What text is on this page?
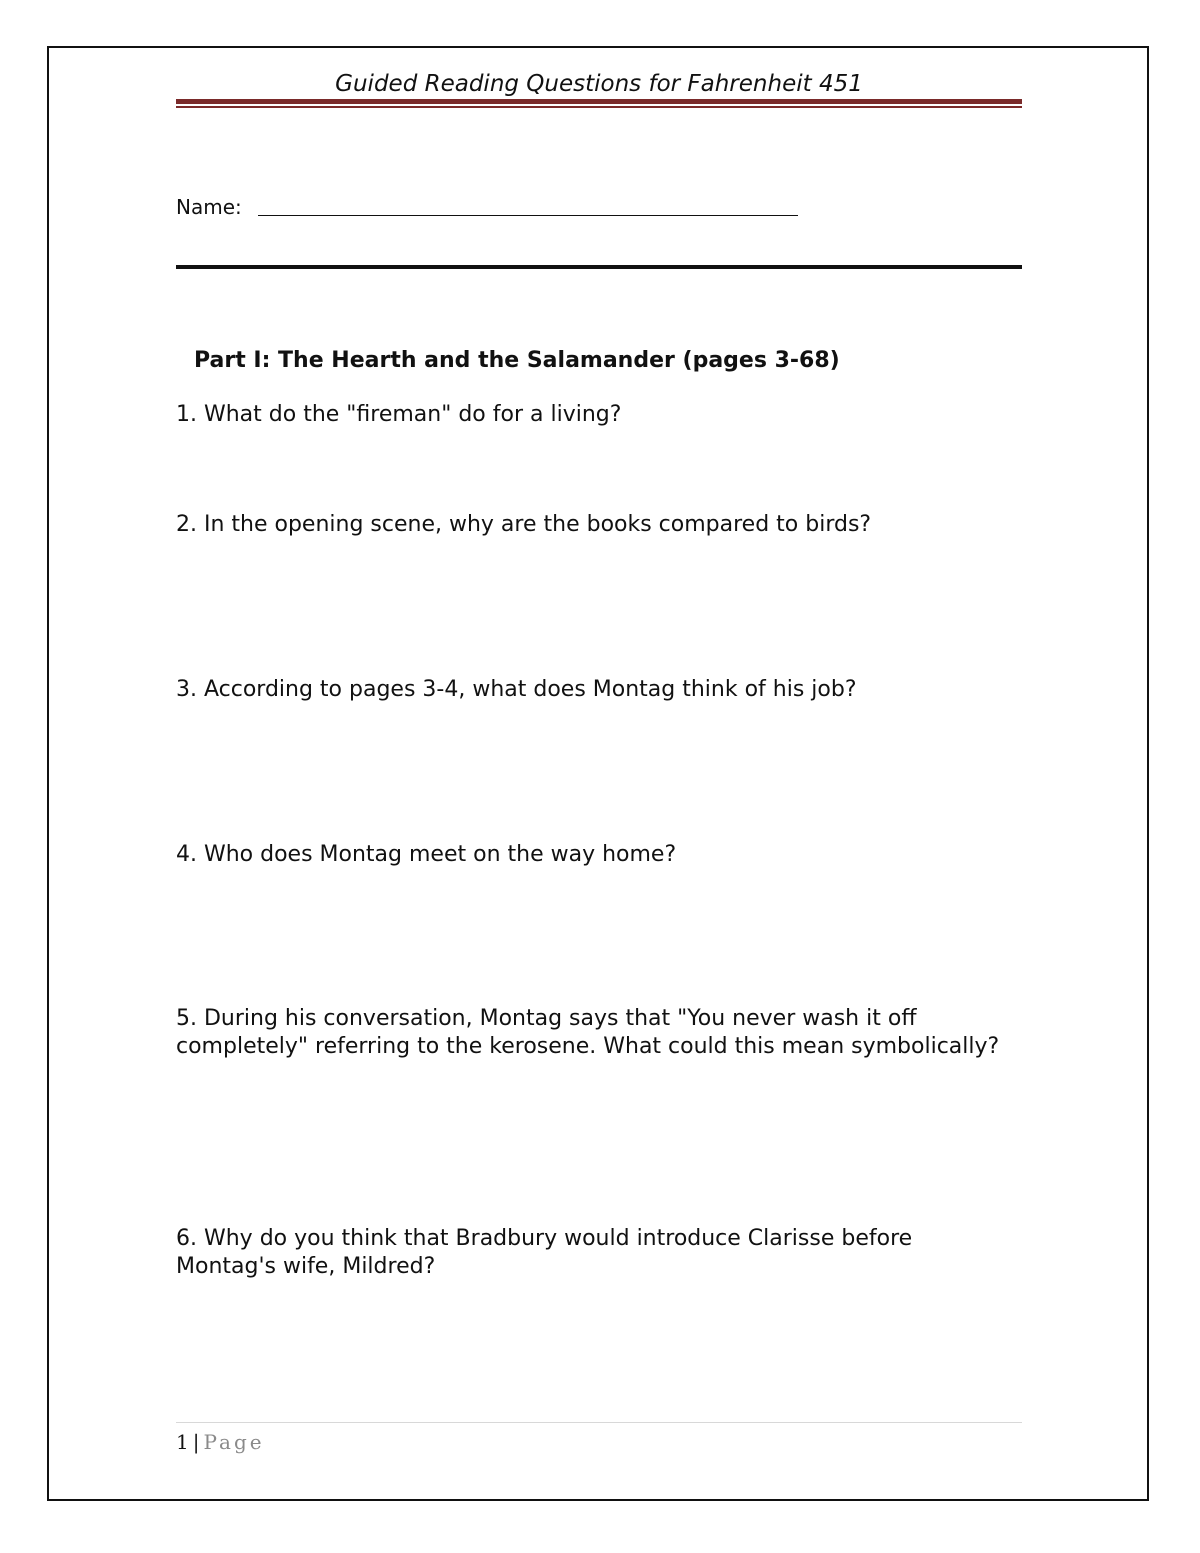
Guided Reading Questions for Fahrenheit 451
Name:
Part I: The Hearth and the Salamander (pages 3-68)
1. What do the "fireman" do for a living?
2. In the opening scene, why are the books compared to birds?
3. According to pages 3-4, what does Montag think of his job?
4. Who does Montag meet on the way home?
5. During his conversation, Montag says that "You never wash it off completely" referring to the kerosene. What could this mean symbolically?
6. Why do you think that Bradbury would introduce Clarisse before Montag's wife, Mildred?
1 | Page
